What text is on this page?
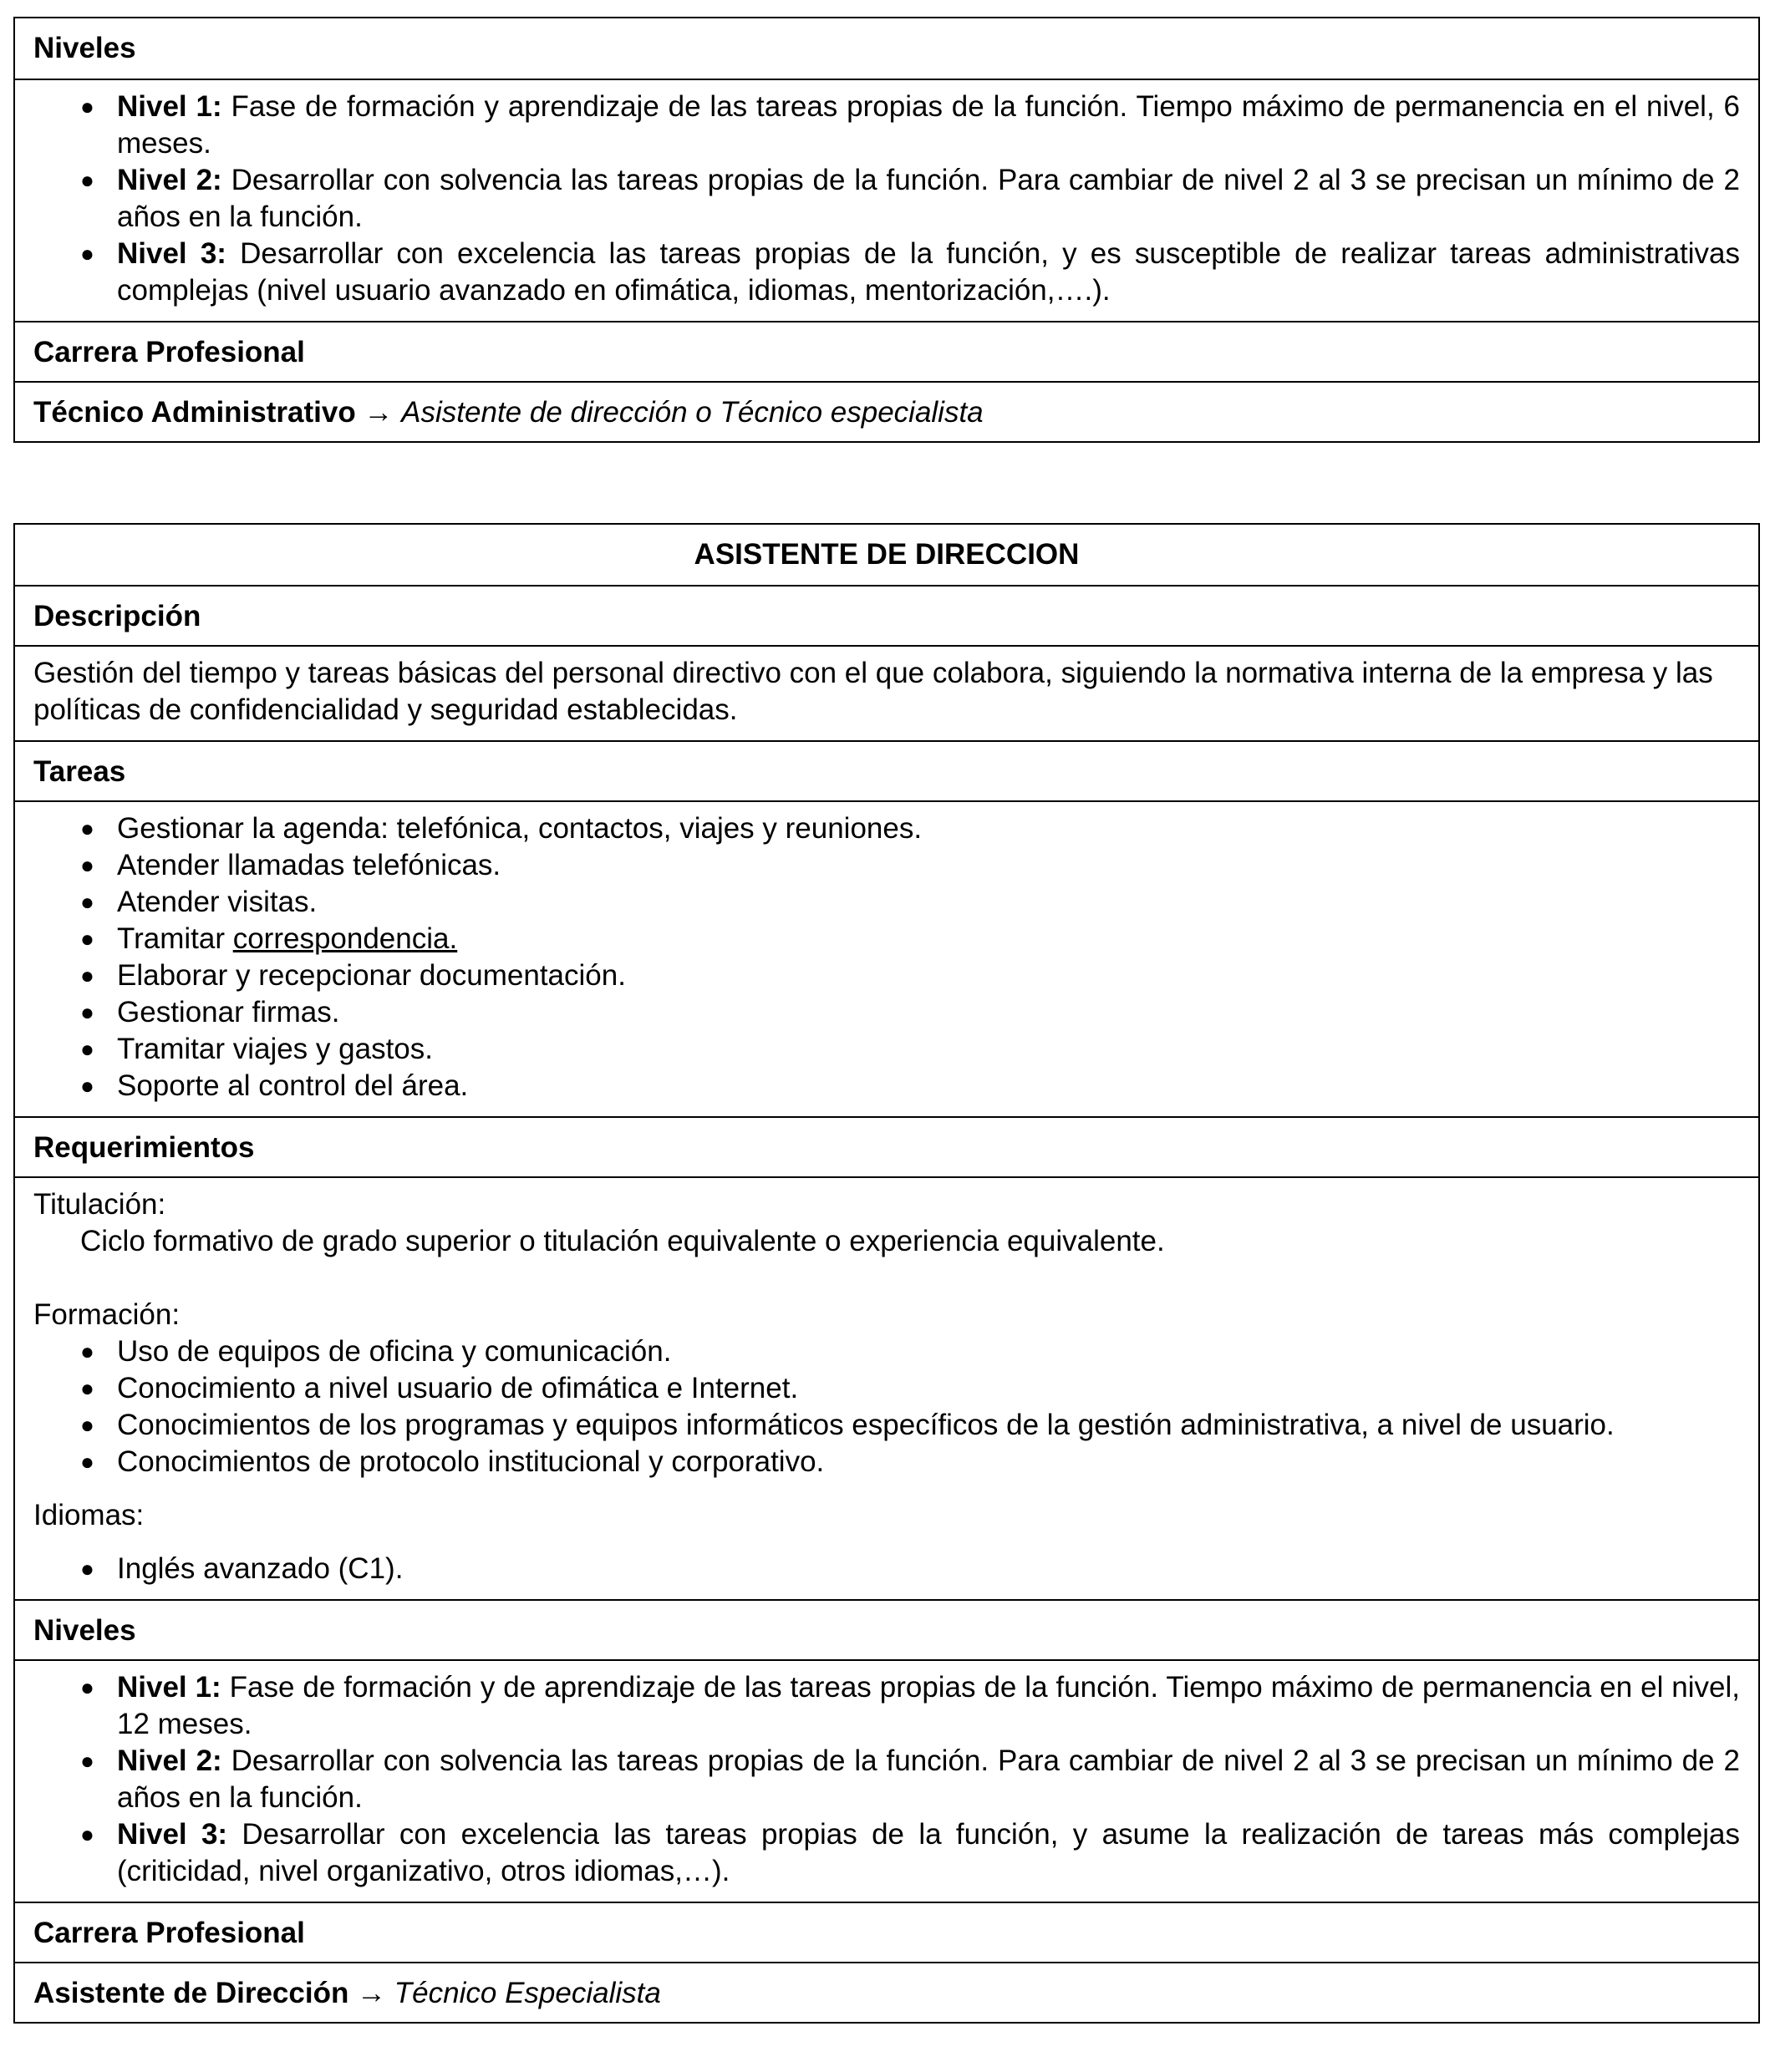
Niveles
● Nivel 1: Fase de formación y aprendizaje de las tareas propias de la función. Tiempo máximo de permanencia en el nivel, 6 meses.
● Nivel 2: Desarrollar con solvencia las tareas propias de la función. Para cambiar de nivel 2 al 3 se precisan un mínimo de 2 años en la función.
● Nivel 3: Desarrollar con excelencia las tareas propias de la función, y es susceptible de realizar tareas administrativas complejas (nivel usuario avanzado en ofimática, idiomas, mentorización,….).
Carrera Profesional
Técnico Administrativo → Asistente de dirección o Técnico especialista
ASISTENTE DE DIRECCION
Descripción
Gestión del tiempo y tareas básicas del personal directivo con el que colabora, siguiendo la normativa interna de la empresa y las políticas de confidencialidad y seguridad establecidas.
Tareas
● Gestionar la agenda: telefónica, contactos, viajes y reuniones.
● Atender llamadas telefónicas.
● Atender visitas.
● Tramitar correspondencia.
● Elaborar y recepcionar documentación.
● Gestionar firmas.
● Tramitar viajes y gastos.
● Soporte al control del área.
Requerimientos
Titulación:
Ciclo formativo de grado superior o titulación equivalente o experiencia equivalente.
Formación:
● Uso de equipos de oficina y comunicación.
● Conocimiento a nivel usuario de ofimática e Internet.
● Conocimientos de los programas y equipos informáticos específicos de la gestión administrativa, a nivel de usuario.
● Conocimientos de protocolo institucional y corporativo.
Idiomas:
● Inglés avanzado (C1).
Niveles
● Nivel 1: Fase de formación y de aprendizaje de las tareas propias de la función. Tiempo máximo de permanencia en el nivel, 12 meses.
● Nivel 2: Desarrollar con solvencia las tareas propias de la función. Para cambiar de nivel 2 al 3 se precisan un mínimo de 2 años en la función.
● Nivel 3: Desarrollar con excelencia las tareas propias de la función, y asume la realización de tareas más complejas (criticidad, nivel organizativo, otros idiomas,…).
Carrera Profesional
Asistente de Dirección → Técnico Especialista
